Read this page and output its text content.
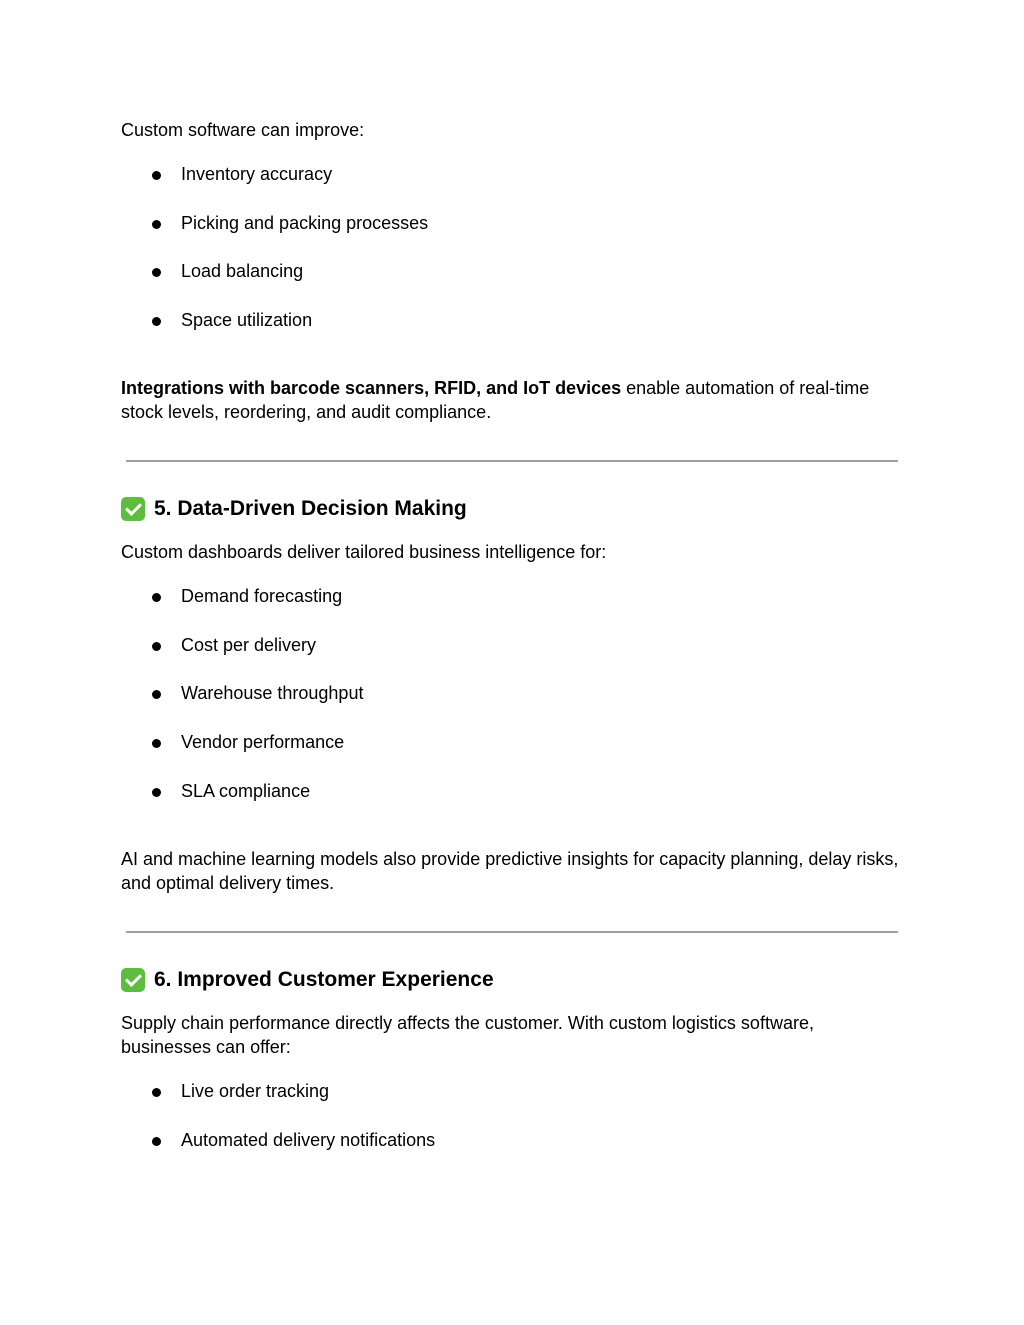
Custom software can improve:

Inventory accuracy
Picking and packing processes
Load balancing
Space utilization

Integrations with barcode scanners, RFID, and IoT devices enable automation of real-time stock levels, reordering, and audit compliance.

5. Data-Driven Decision Making

Custom dashboards deliver tailored business intelligence for:

Demand forecasting
Cost per delivery
Warehouse throughput
Vendor performance
SLA compliance

AI and machine learning models also provide predictive insights for capacity planning, delay risks, and optimal delivery times.

6. Improved Customer Experience

Supply chain performance directly affects the customer. With custom logistics software, businesses can offer:

Live order tracking
Automated delivery notifications
